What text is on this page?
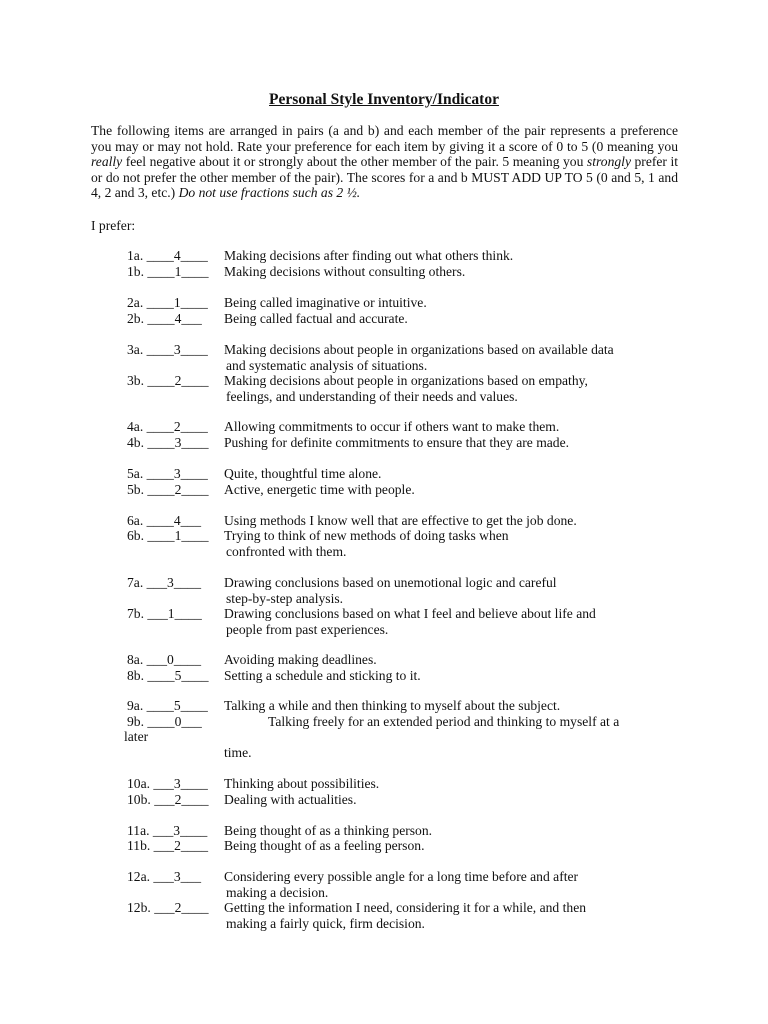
Personal Style Inventory/Indicator
The following items are arranged in pairs (a and b) and each member of the pair represents a preference you may or may not hold. Rate your preference for each item by giving it a score of 0 to 5 (0 meaning you really feel negative about it or strongly about the other member of the pair. 5 meaning you strongly prefer it or do not prefer the other member of the pair). The scores for a and b MUST ADD UP TO 5 (0 and 5, 1 and 4, 2 and 3, etc.) Do not use fractions such as 2 ½.
I prefer:
1a. ____4____ Making decisions after finding out what others think.
1b. ____1____ Making decisions without consulting others.
2a. ____1____ Being called imaginative or intuitive.
2b. ____4___ Being called factual and accurate.
3a. ____3____ Making decisions about people in organizations based on available data
and systematic analysis of situations.
3b. ____2____ Making decisions about people in organizations based on empathy,
feelings, and understanding of their needs and values.
4a. ____2____ Allowing commitments to occur if others want to make them.
4b. ____3____ Pushing for definite commitments to ensure that they are made.
5a. ____3____ Quite, thoughtful time alone.
5b. ____2____ Active, energetic time with people.
6a. ____4___ Using methods I know well that are effective to get the job done.
6b. ____1____ Trying to think of new methods of doing tasks when
confronted with them.
7a. ___3____ Drawing conclusions based on unemotional logic and careful
step-by-step analysis.
7b. ___1____ Drawing conclusions based on what I feel and believe about life and
people from past experiences.
8a. ___0____ Avoiding making deadlines.
8b. ____5____ Setting a schedule and sticking to it.
9a. ____5____ Talking a while and then thinking to myself about the subject.
9b. ____0___	Talking freely for an extended period and thinking to myself at a
later
time.
10a. ___3____ Thinking about possibilities.
10b. ___2____ Dealing with actualities.
11a. ___3____ Being thought of as a thinking person.
11b. ___2____ Being thought of as a feeling person.
12a. ___3___ Considering every possible angle for a long time before and after
making a decision.
12b. ___2____ Getting the information I need, considering it for a while, and then
making a fairly quick, firm decision.
